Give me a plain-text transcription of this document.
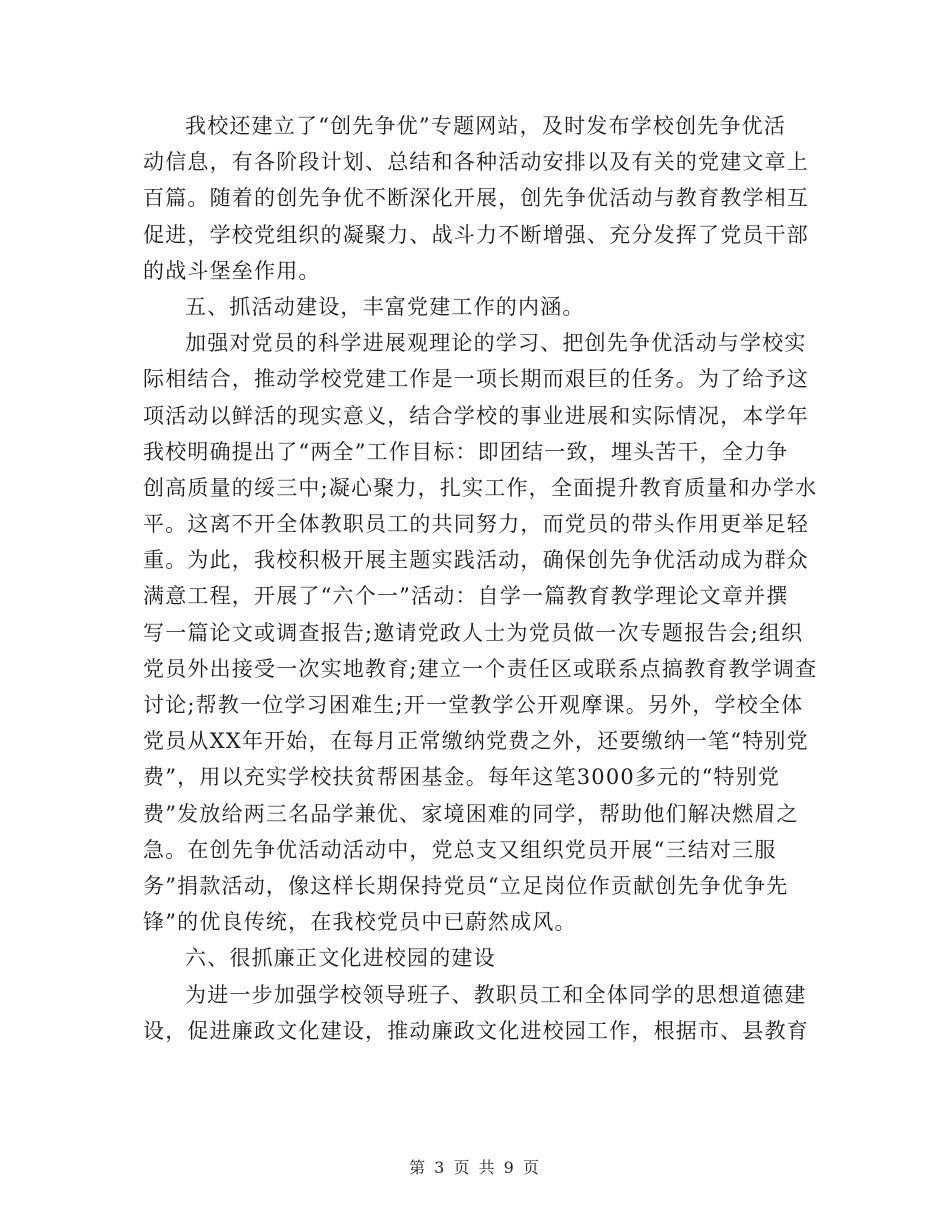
我校还建立了“创先争优”专题网站，及时发布学校创先争优活
动信息，有各阶段计划、总结和各种活动安排以及有关的党建文章上
百篇。随着的创先争优不断深化开展，创先争优活动与教育教学相互
促进，学校党组织的凝聚力、战斗力不断增强、充分发挥了党员干部
的战斗堡垒作用。
五、抓活动建设，丰富党建工作的内涵。
加强对党员的科学进展观理论的学习、把创先争优活动与学校实
际相结合，推动学校党建工作是一项长期而艰巨的任务。为了给予这
项活动以鲜活的现实意义，结合学校的事业进展和实际情况，本学年
我校明确提出了“两全”工作目标：即团结一致，埋头苦干，全力争
创高质量的绥三中;凝心聚力，扎实工作，全面提升教育质量和办学水
平。这离不开全体教职员工的共同努力，而党员的带头作用更举足轻
重。为此，我校积极开展主题实践活动，确保创先争优活动成为群众
满意工程，开展了“六个一”活动：自学一篇教育教学理论文章并撰
写一篇论文或调查报告;邀请党政人士为党员做一次专题报告会;组织
党员外出接受一次实地教育;建立一个责任区或联系点搞教育教学调查
讨论;帮教一位学习困难生;开一堂教学公开观摩课。另外，学校全体
党员从XX年开始，在每月正常缴纳党费之外，还要缴纳一笔“特别党
费”，用以充实学校扶贫帮困基金。每年这笔3000多元的“特别党
费”发放给两三名品学兼优、家境困难的同学，帮助他们解决燃眉之
急。在创先争优活动活动中，党总支又组织党员开展“三结对三服
务”捐款活动，像这样长期保持党员“立足岗位作贡献创先争优争先
锋”的优良传统，在我校党员中已蔚然成风。
六、很抓廉正文化进校园的建设
为进一步加强学校领导班子、教职员工和全体同学的思想道德建
设，促进廉政文化建设，推动廉政文化进校园工作，根据市、县教育
第 3 页 共 9 页
